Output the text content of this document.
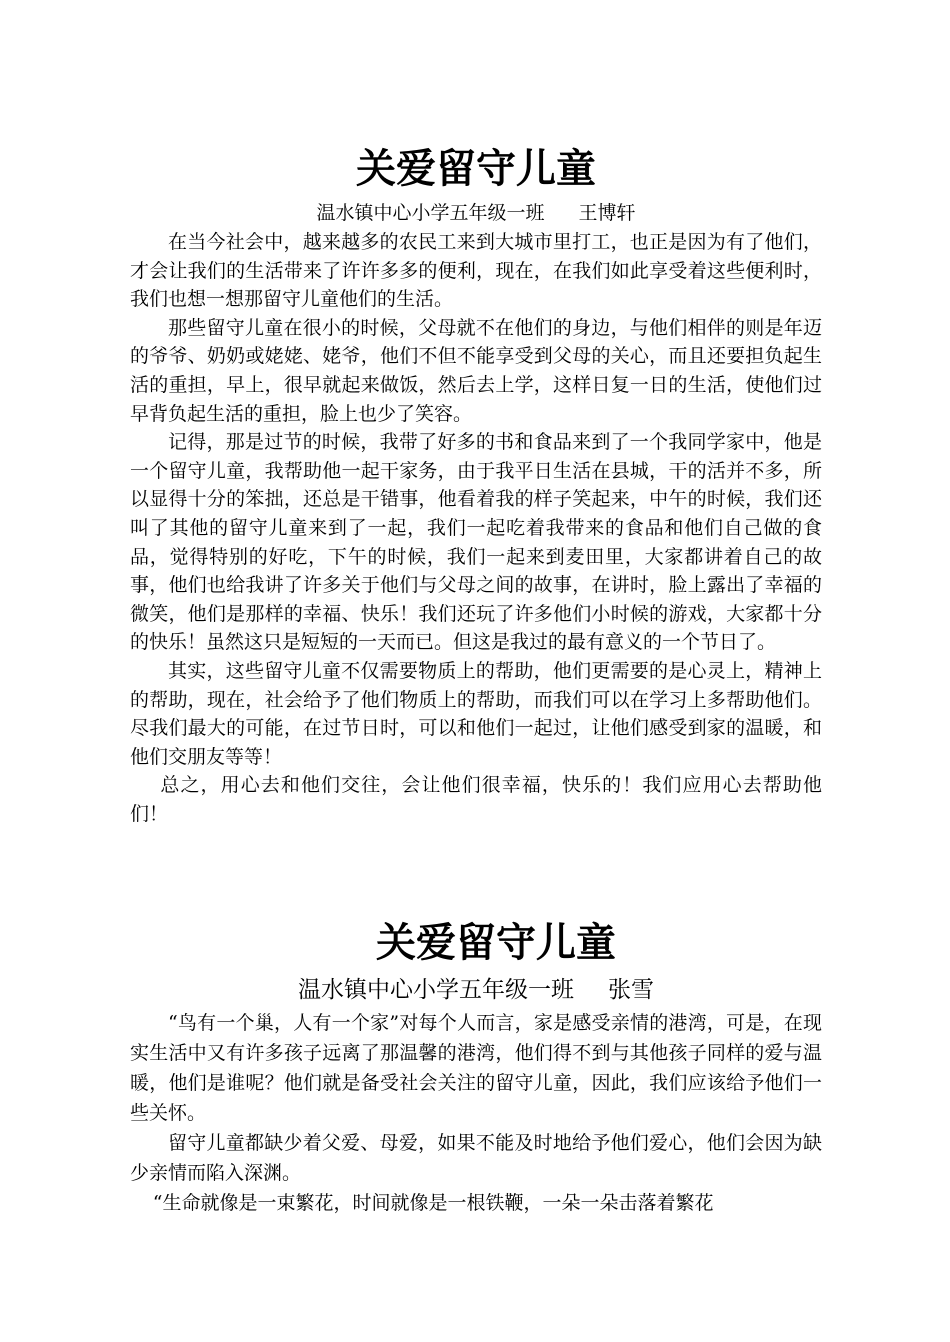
关爱留守儿童
温水镇中心小学五年级一班 王博轩

在当今社会中，越来越多的农民工来到大城市里打工，也正是因为有了他们，才会让我们的生活带来了许许多多的便利，现在，在我们如此享受着这些便利时，我们也想一想那留守儿童他们的生活。

那些留守儿童在很小的时候，父母就不在他们的身边，与他们相伴的则是年迈的爷爷、奶奶或姥姥、姥爷，他们不但不能享受到父母的关心，而且还要担负起生活的重担，早上，很早就起来做饭，然后去上学，这样日复一日的生活，使他们过早背负起生活的重担，脸上也少了笑容。

记得，那是过节的时候，我带了好多的书和食品来到了一个我同学家中，他是一个留守儿童，我帮助他一起干家务，由于我平日生活在县城，干的活并不多，所以显得十分的笨拙，还总是干错事，他看着我的样子笑起来，中午的时候，我们还叫了其他的留守儿童来到了一起，我们一起吃着我带来的食品和他们自己做的食品，觉得特别的好吃，下午的时候，我们一起来到麦田里，大家都讲着自己的故事，他们也给我讲了许多关于他们与父母之间的故事，在讲时，脸上露出了幸福的微笑，他们是那样的幸福、快乐！我们还玩了许多他们小时候的游戏，大家都十分的快乐！虽然这只是短短的一天而已。但这是我过的最有意义的一个节日了。

其实，这些留守儿童不仅需要物质上的帮助，他们更需要的是心灵上，精神上的帮助，现在，社会给予了他们物质上的帮助，而我们可以在学习上多帮助他们。尽我们最大的可能，在过节日时，可以和他们一起过，让他们感受到家的温暖，和他们交朋友等等！

总之，用心去和他们交往，会让他们很幸福，快乐的！我们应用心去帮助他们！

关爱留守儿童
温水镇中心小学五年级一班 张雪

“鸟有一个巢，人有一个家”对每个人而言，家是感受亲情的港湾，可是，在现实生活中又有许多孩子远离了那温馨的港湾，他们得不到与其他孩子同样的爱与温暖，他们是谁呢？他们就是备受社会关注的留守儿童，因此，我们应该给予他们一些关怀。

留守儿童都缺少着父爱、母爱，如果不能及时地给予他们爱心，他们会因为缺少亲情而陷入深渊。

“生命就像是一束繁花，时间就像是一根铁鞭，一朵一朵击落着繁花
